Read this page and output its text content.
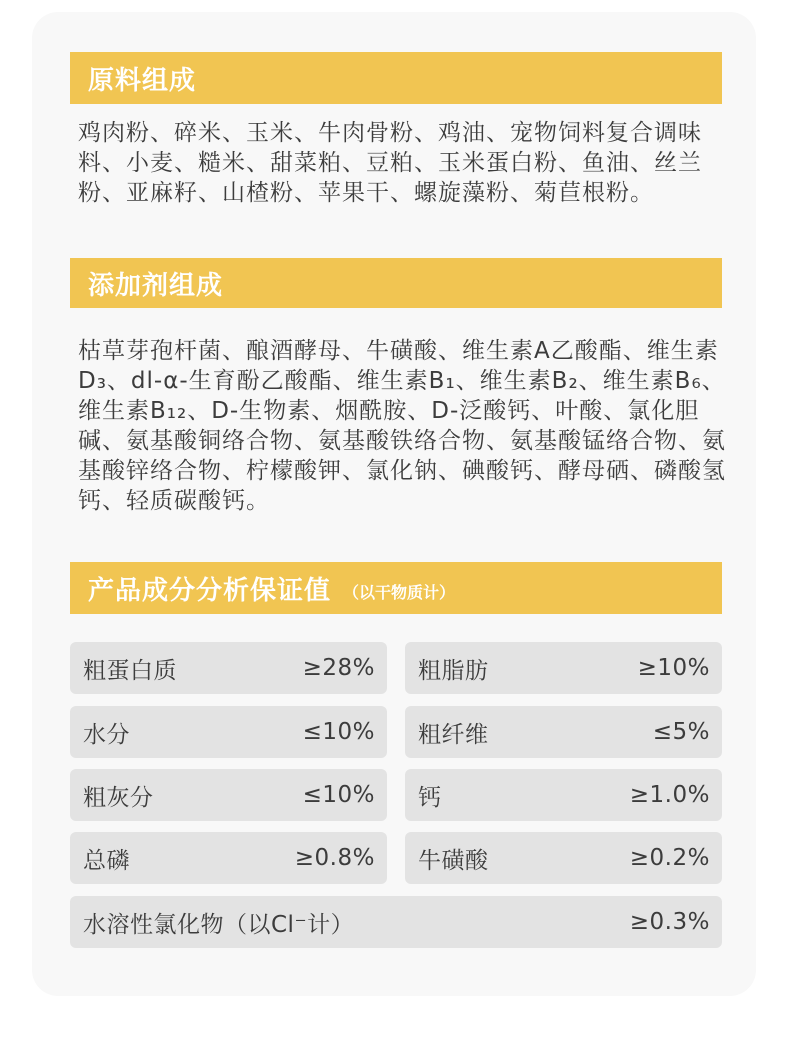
原料组成
鸡肉粉、碎米、玉米、牛肉骨粉、鸡油、宠物饲料复合调味料、小麦、糙米、甜菜粕、豆粕、玉米蛋白粉、鱼油、丝兰粉、亚麻籽、山楂粉、苹果干、螺旋藻粉、菊苣根粉。
添加剂组成
枯草芽孢杆菌、酿酒酵母、牛磺酸、维生素A乙酸酯、维生素D₃、dl-α-生育酚乙酸酯、维生素B₁、维生素B₂、维生素B₆、维生素B₁₂、D-生物素、烟酰胺、D-泛酸钙、叶酸、氯化胆碱、氨基酸铜络合物、氨基酸铁络合物、氨基酸锰络合物、氨基酸锌络合物、柠檬酸钾、氯化钠、碘酸钙、酵母硒、磷酸氢钙、轻质碳酸钙。
产品成分分析保证值 （以干物质计）
粗蛋白质	≥28% 粗脂肪	≥10%
水分	≤10% 粗纤维	≤5%
粗灰分	≤10% 钙	≥1.0%
总磷	≥0.8% 牛磺酸	≥0.2%
水溶性氯化物（以Cl⁻计）	≥0.3%
